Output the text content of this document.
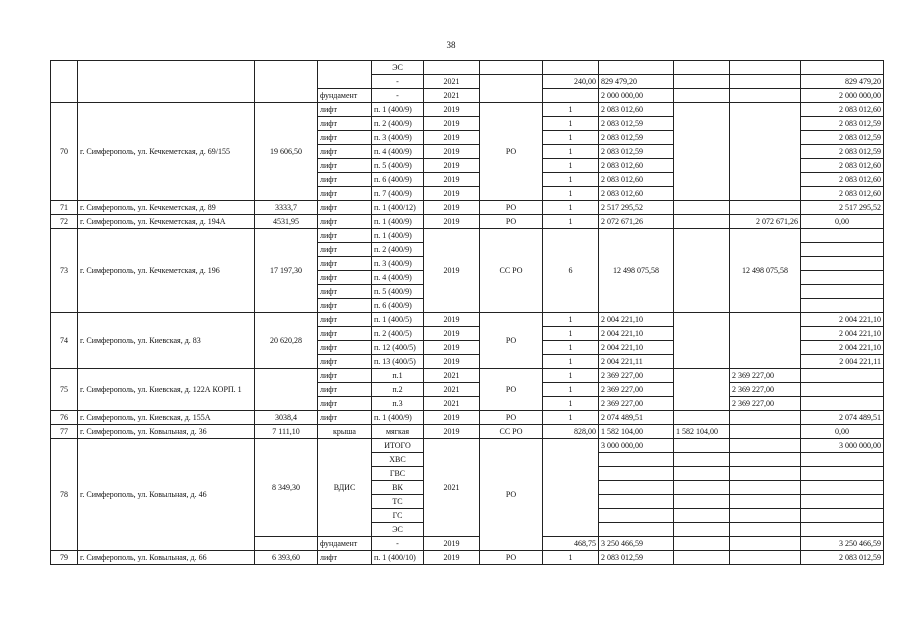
38
				ЭС							
				-	2021		240,00	829 479,20			829 479,20
			фундамент	-	2021			2 000 000,00			2 000 000,00
70	г. Симферополь, ул. Кечкеметская, д. 69/155	19 606,50	лифт	п. 1 (400/9)	2019	РО	1	2 083 012,60			2 083 012,60
			лифт	п. 2 (400/9)	2019		1	2 083 012,59			2 083 012,59
			лифт	п. 3 (400/9)	2019		1	2 083 012,59			2 083 012,59
			лифт	п. 4 (400/9)	2019		1	2 083 012,59			2 083 012,59
			лифт	п. 5 (400/9)	2019		1	2 083 012,60			2 083 012,60
			лифт	п. 6 (400/9)	2019		1	2 083 012,60			2 083 012,60
			лифт	п. 7 (400/9)	2019		1	2 083 012,60			2 083 012,60
71	г. Симферополь, ул. Кечкеметская, д. 89	3333,7	лифт	п. 1 (400/12)	2019	РО	1	2 517 295,52			2 517 295,52
72	г. Симферополь, ул. Кечкеметская, д. 194А	4531,95	лифт	п. 1 (400/9)	2019	РО	1	2 072 671,26		2 072 671,26	0,00
73	г. Симферополь, ул. Кечкеметская, д. 196	17 197,30	лифт	п. 1 (400/9)	2019	СС РО	6	12 498 075,58		12 498 075,58	
			лифт	п. 2 (400/9)							
			лифт	п. 3 (400/9)							
			лифт	п. 4 (400/9)							
			лифт	п. 5 (400/9)							
			лифт	п. 6 (400/9)							
74	г. Симферополь, ул. Киевская, д. 83	20 620,28	лифт	п. 1 (400/5)	2019	РО	1	2 004 221,10			2 004 221,10
			лифт	п. 2 (400/5)	2019		1	2 004 221,10			2 004 221,10
			лифт	п. 12 (400/5)	2019		1	2 004 221,10			2 004 221,10
			лифт	п. 13 (400/5)	2019		1	2 004 221,11			2 004 221,11
75	г. Симферополь, ул. Киевская, д. 122А КОРП. 1		лифт	п.1	2021	РО	1	2 369 227,00		2 369 227,00	
			лифт	п.2	2021		1	2 369 227,00		2 369 227,00	
			лифт	п.3	2021		1	2 369 227,00		2 369 227,00	
76	г. Симферополь, ул. Киевская, д. 155А	3038,4	лифт	п. 1 (400/9)	2019	РО	1	2 074 489,51			2 074 489,51
77	г. Симферополь, ул. Ковыльная, д. 36	7 111,10	крыша	мягкая	2019	СС РО	828,00	1 582 104,00	1 582 104,00		0,00
78	г. Симферополь, ул. Ковыльная, д. 46	8 349,30	ВДИС	ИТОГО	2021	РО		3 000 000,00			3 000 000,00
				ХВС							
				ГВС							
				ВК							
				ТС							
				ГС							
				ЭС							
			фундамент	-	2019		468,75	3 250 466,59			3 250 466,59
79	г. Симферополь, ул. Ковыльная, д. 66	6 393,60	лифт	п. 1 (400/10)	2019	РО	1	2 083 012,59			2 083 012,59
